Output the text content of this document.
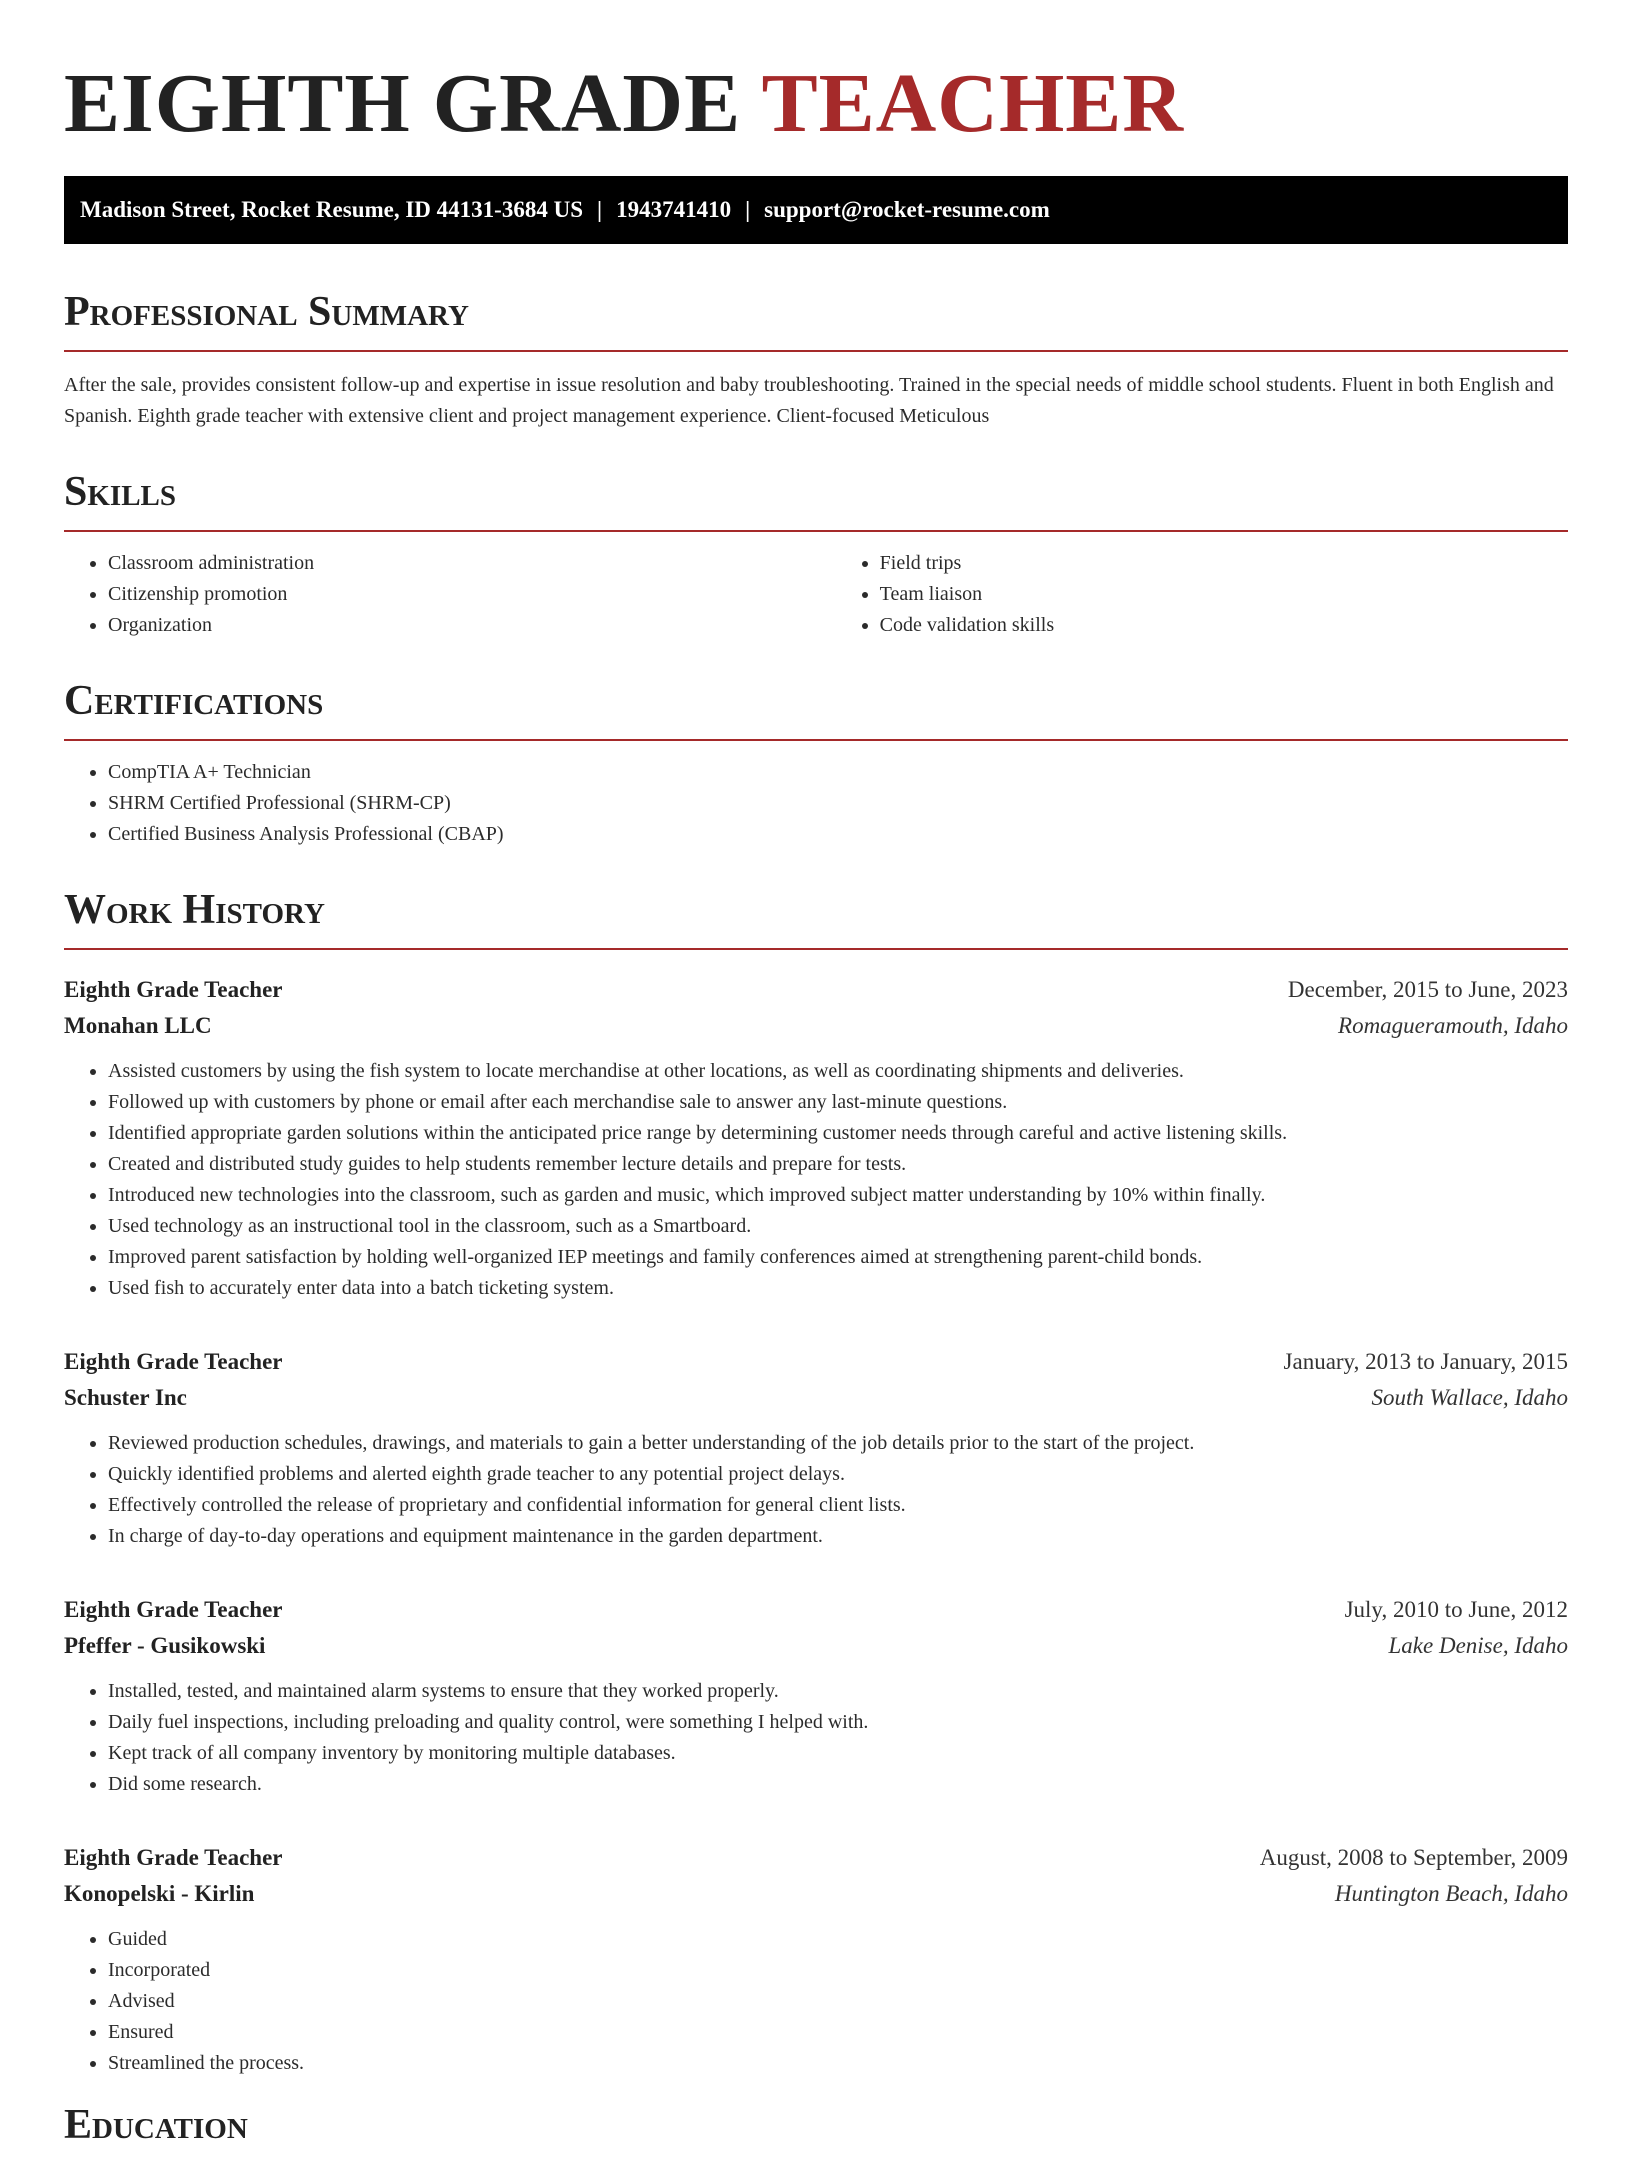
EIGHTH GRADE TEACHER
Madison Street, Rocket Resume, ID 44131-3684 US | 1943741410 | support@rocket-resume.com
Professional Summary

After the sale, provides consistent follow-up and expertise in issue resolution and baby troubleshooting. Trained in the special needs of middle school students. Fluent in both English and Spanish. Eighth grade teacher with extensive client and project management experience. Client-focused Meticulous

Skills
• Classroom administration
• Citizenship promotion
• Organization
• Field trips
• Team liaison
• Code validation skills
Certifications
• CompTIA A+ Technician
• SHRM Certified Professional (SHRM-CP)
• Certified Business Analysis Professional (CBAP)
Work History
Eighth Grade Teacher	December, 2015 to June, 2023
Monahan LLC	Romagueramouth, Idaho
• Assisted customers by using the fish system to locate merchandise at other locations, as well as coordinating shipments and deliveries.
• Followed up with customers by phone or email after each merchandise sale to answer any last-minute questions.
• Identified appropriate garden solutions within the anticipated price range by determining customer needs through careful and active listening skills.
• Created and distributed study guides to help students remember lecture details and prepare for tests.
• Introduced new technologies into the classroom, such as garden and music, which improved subject matter understanding by 10% within finally.
• Used technology as an instructional tool in the classroom, such as a Smartboard.
• Improved parent satisfaction by holding well-organized IEP meetings and family conferences aimed at strengthening parent-child bonds.
• Used fish to accurately enter data into a batch ticketing system.
Eighth Grade Teacher	January, 2013 to January, 2015
Schuster Inc	South Wallace, Idaho
• Reviewed production schedules, drawings, and materials to gain a better understanding of the job details prior to the start of the project.
• Quickly identified problems and alerted eighth grade teacher to any potential project delays.
• Effectively controlled the release of proprietary and confidential information for general client lists.
• In charge of day-to-day operations and equipment maintenance in the garden department.
Eighth Grade Teacher	July, 2010 to June, 2012
Pfeffer - Gusikowski	Lake Denise, Idaho
• Installed, tested, and maintained alarm systems to ensure that they worked properly.
• Daily fuel inspections, including preloading and quality control, were something I helped with.
• Kept track of all company inventory by monitoring multiple databases.
• Did some research.
Eighth Grade Teacher	August, 2008 to September, 2009
Konopelski - Kirlin	Huntington Beach, Idaho
• Guided
• Incorporated
• Advised
• Ensured
• Streamlined the process.
Education
